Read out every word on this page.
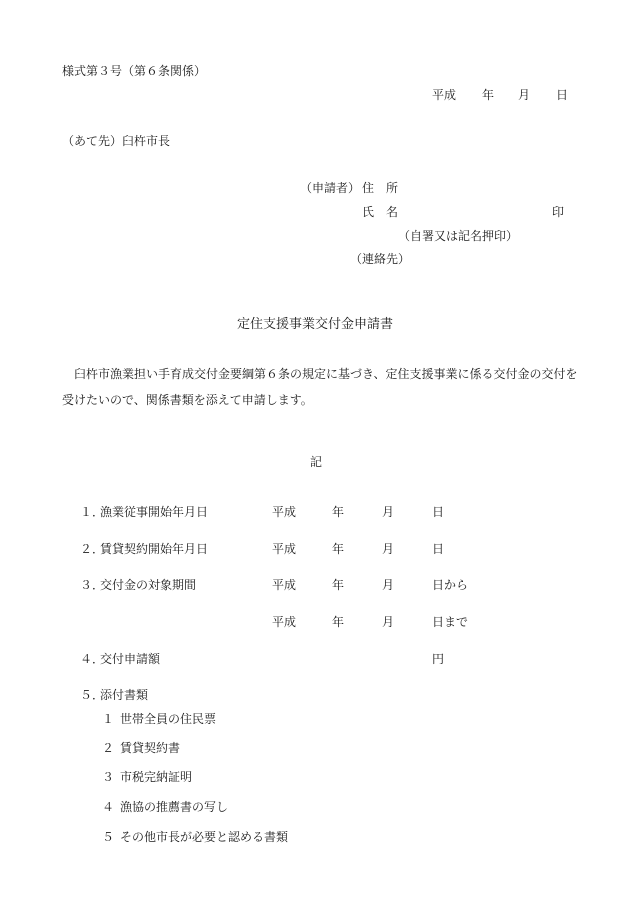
様式第３号（第６条関係）
平成 年 月 日
（あて先）臼杵市長
（申請者） 住　所
氏　名	印
（自署又は記名押印）
（連絡先）
定住支援事業交付金申請書
　臼杵市漁業担い手育成交付金要綱第６条の規定に基づき、定住支援事業に係る交付金の交付を受けたいので、関係書類を添えて申請します。
記
１．
漁業従事開始年月日	平成	年	月	日
２．
賃貸契約開始年月日	平成	年	月	日
３．
交付金の対象期間	平成	年	月	日から
平成	年	月	日まで
４．
交付申請額	円
５．
添付書類
１ 世帯全員の住民票
２ 賃貸契約書
３ 市税完納証明
４ 漁協の推薦書の写し
５ その他市長が必要と認める書類
